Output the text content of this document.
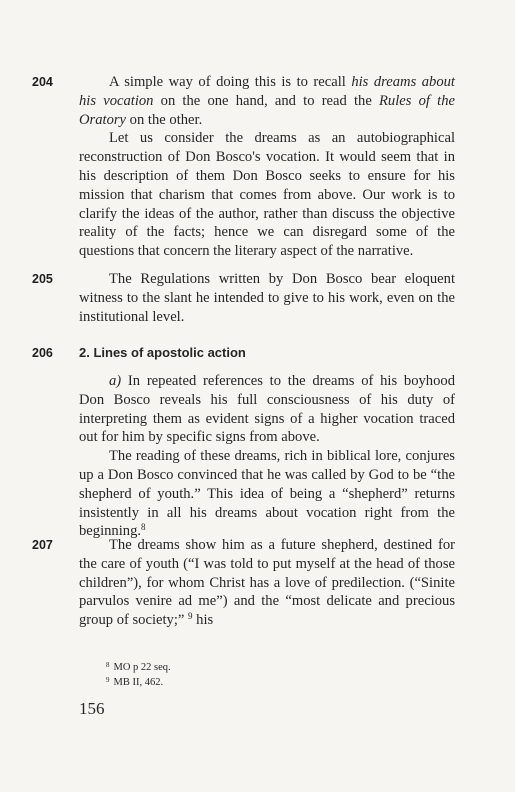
204	A simple way of doing this is to recall his dreams about his vocation on the one hand, and to read the Rules of the Oratory on the other.

Let us consider the dreams as an autobiographical reconstruction of Don Bosco's vocation. It would seem that in his description of them Don Bosco seeks to ensure for his mission that charism that comes from above. Our work is to clarify the ideas of the author, rather than discuss the objective reality of the facts; hence we can disregard some of the questions that concern the literary aspect of the narrative.

205	The Regulations written by Don Bosco bear eloquent witness to the slant he intended to give to his work, even on the institutional level.

206 2. Lines of apostolic action

a) In repeated references to the dreams of his boyhood Don Bosco reveals his full consciousness of his duty of interpreting them as evident signs of a higher vocation traced out for him by specific signs from above.

The reading of these dreams, rich in biblical lore, conjures up a Don Bosco convinced that he was called by God to be “the shepherd of youth.” This idea of being a “shepherd” returns insistently in all his dreams about vocation right from the beginning.$^8$

207	The dreams show him as a future shepherd, destined for the care of youth (“I was told to put myself at the head of those children”), for whom Christ has a love of predilection. (“Sinite parvulos venire ad me”) and the “most delicate and precious group of society;” $^9$ his

$^8$ MO p 22 seq.
$^9$ MB II, 462.
156
